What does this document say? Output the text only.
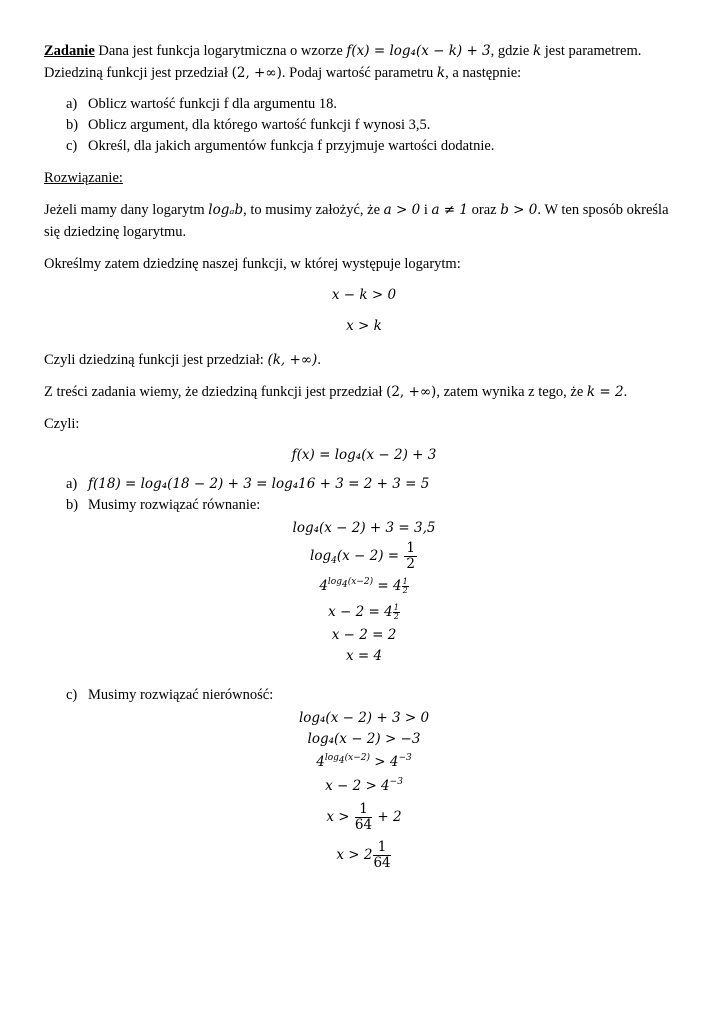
Zadanie Dana jest funkcja logarytmiczna o wzorze f(x) = log₄(x − k) + 3, gdzie k jest parametrem. Dziedziną funkcji jest przedział (2, +∞). Podaj wartość parametru k, a następnie:

a) Oblicz wartość funkcji f dla argumentu 18.
b) Oblicz argument, dla którego wartość funkcji f wynosi 3,5.
c) Określ, dla jakich argumentów funkcja f przyjmuje wartości dodatnie.

Rozwiązanie:

Jeżeli mamy dany logarytm logₐb, to musimy założyć, że a > 0 i a ≠ 1 oraz b > 0. W ten sposób określa się dziedzinę logarytmu.

Określmy zatem dziedzinę naszej funkcji, w której występuje logarytm:

x − k > 0

x > k

Czyli dziedziną funkcji jest przedział: (k, +∞).

Z treści zadania wiemy, że dziedziną funkcji jest przedział (2, +∞), zatem wynika z tego, że k = 2.

Czyli:

f(x) = log₄(x − 2) + 3

a) f(18) = log₄(18 − 2) + 3 = log₄16 + 3 = 2 + 3 = 5
b) Musimy rozwiązać równanie:

log₄(x − 2) + 3 = 3,5

$\log_4(x - 2) = \frac{1}{2}$

$4^{log_4(x-2)} = 4 \frac{1}{2}$

$x - 2 = 4 \frac{1}{2}$

x − 2 = 2

x = 4

c) Musimy rozwiązać nierówność:

log₄(x − 2) + 3 > 0

log₄(x − 2) > −3

$4^{log_4(x-2)} > 4^{-3}$

$x - 2 > 4^{-3}$

$x > \frac{1}{64} + 2$

$x > 2 \frac{1}{64}$
